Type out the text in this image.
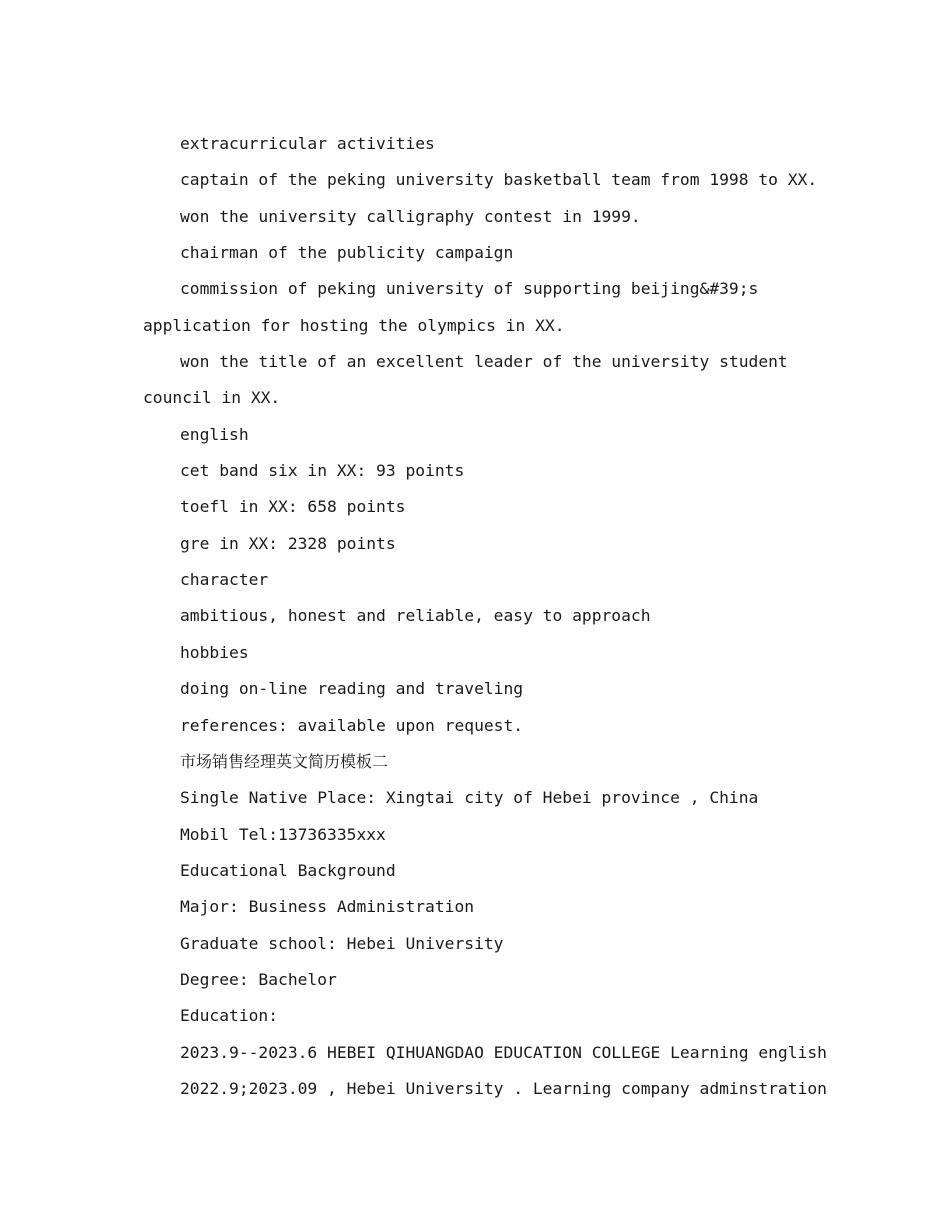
extracurricular activities

captain of the peking university basketball team from 1998 to XX.

won the university calligraphy contest in 1999.

chairman of the publicity campaign

commission of peking university of supporting beijing&#39;s application for hosting the olympics in XX.

won the title of an excellent leader of the university student council in XX.

english

cet band six in XX: 93 points

toefl in XX: 658 points

gre in XX: 2328 points

character

ambitious, honest and reliable, easy to approach

hobbies

doing on-line reading and traveling

references: available upon request.

市场销售经理英文简历模板二

Single Native Place: Xingtai city of Hebei province , China

Mobil Tel:13736335xxx

Educational Background

Major: Business Administration

Graduate school: Hebei University

Degree: Bachelor

Education:

2023.9--2023.6 HEBEI QIHUANGDAO EDUCATION COLLEGE Learning english

2022.9;2023.09 , Hebei University . Learning company adminstration
